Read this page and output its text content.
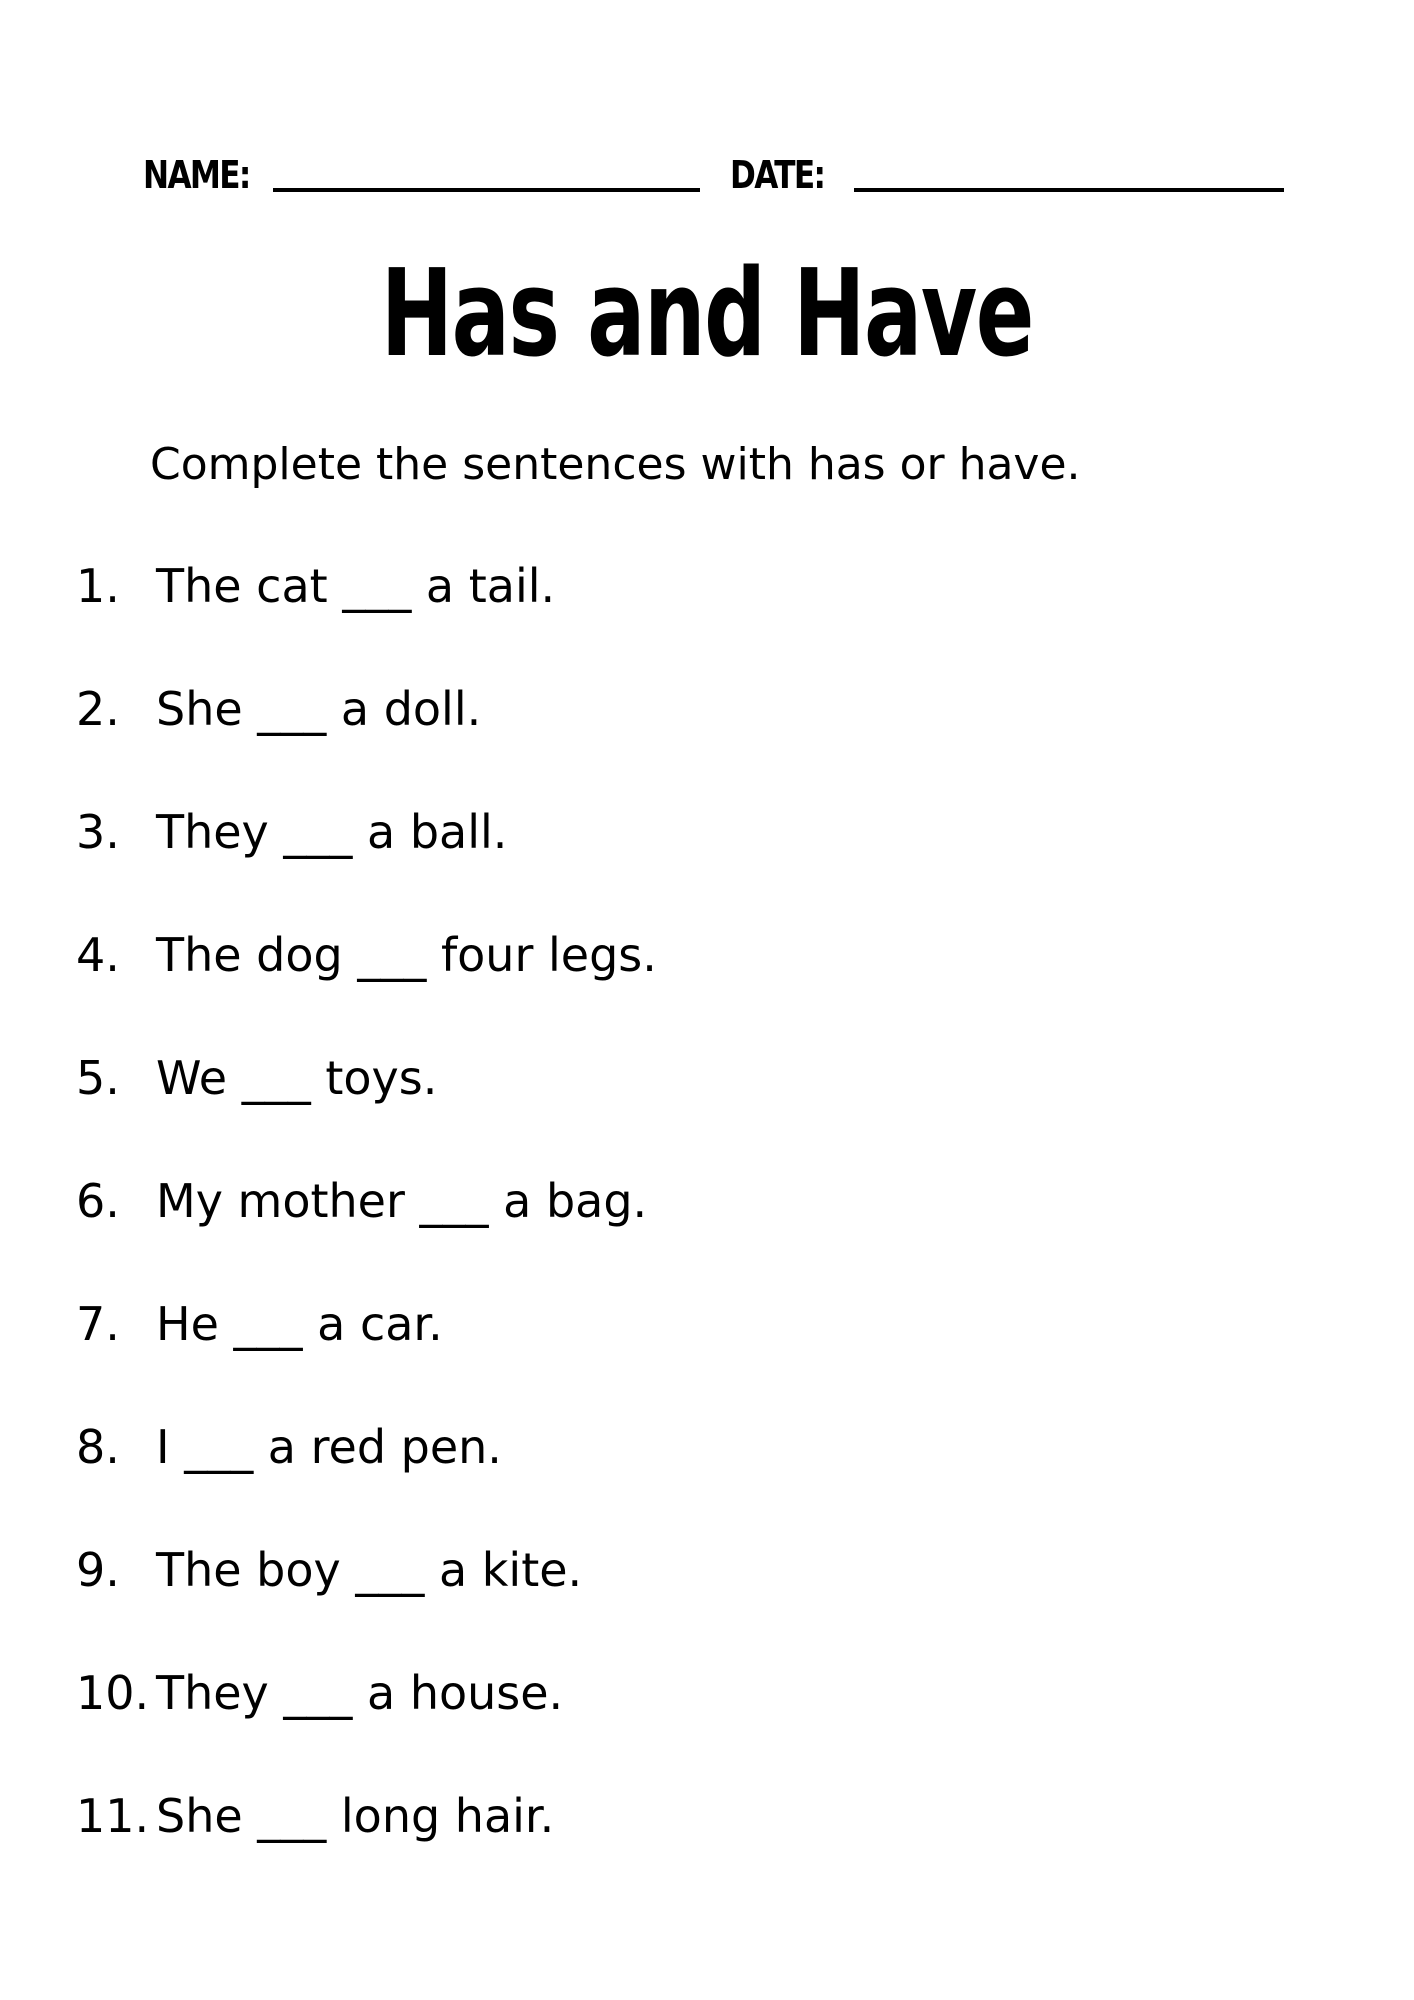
NAME:	DATE:
Has and Have
Complete the sentences with has or have.
1. The cat ___ a tail.
2. She ___ a doll.
3. They ___ a ball.
4. The dog ___ four legs.
5. We ___ toys.
6. My mother ___ a bag.
7. He ___ a car.
8. I ___ a red pen.
9. The boy ___ a kite.
10. They ___ a house.
11. She ___ long hair.
